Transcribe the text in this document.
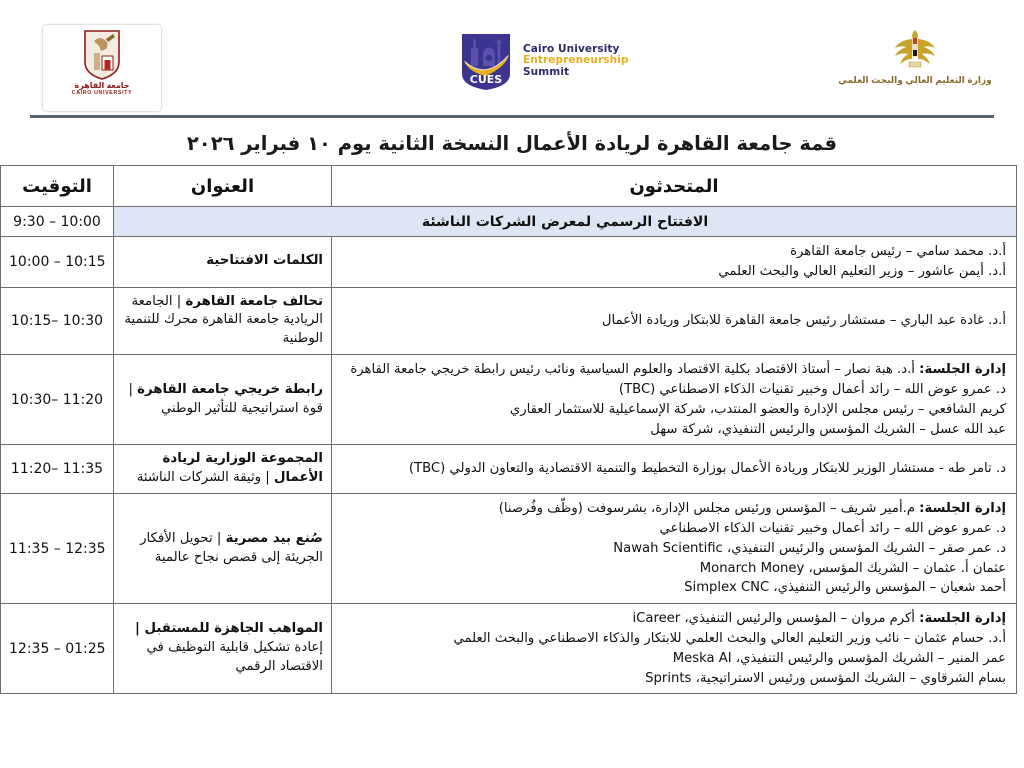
جامعة القاهرة
CAIRO UNIVERSITY
CUES
Cairo University
Entrepreneurship
Summit
وزارة التعليم العالي والبحث العلمي
قمة جامعة القاهرة لريادة الأعمال النسخة الثانية يوم ١٠ فبراير ٢٠٢٦
المتحدثون	العنوان	التوقيت
الافتتاح الرسمي لمعرض الشركات الناشئة		9:30 – 10:00

أ.د. محمد سامي – رئيس جامعة القاهرة
أ.د. أيمن عاشور – وزير التعليم العالي والبحث العلمي	الكلمات الافتتاحية	10:00 – 10:15

أ.د. غادة عبد الباري – مستشار رئيس جامعة القاهرة للابتكار وريادة الأعمال	تحالف جامعة القاهرة | الجامعة الريادية جامعة القاهرة محرك للتنمية الوطنية	10:15– 10:30

إدارة الجلسة: أ.د. هبة نصار – أستاذ الاقتصاد بكلية الاقتصاد والعلوم السياسية ونائب رئيس رابطة خريجي جامعة القاهرة
د. عمرو عوض الله – رائد أعمال وخبير تقنيات الذكاء الاصطناعي (TBC)
كريم الشافعي – رئيس مجلس الإدارة والعضو المنتدب، شركة الإسماعيلية للاستثمار العقاري
عبد الله عسل – الشريك المؤسس والرئيس التنفيذي، شركة سهل	رابطة خريجي جامعة القاهرة | قوة استراتيجية للتأثير الوطني	10:30– 11:20

د. تامر طه - مستشار الوزير للابتكار وريادة الأعمال بوزارة التخطيط والتنمية الاقتصادية والتعاون الدولي (TBC)	المجموعة الوزارية لريادة الأعمال | وثيقة الشركات الناشئة	11:20– 11:35

إدارة الجلسة: م.أمير شريف – المؤسس ورئيس مجلس الإدارة، بشرسوفت (وظّف وفُرصنا)
د. عمرو عوض الله – رائد أعمال وخبير تقنيات الذكاء الاصطناعي
د. عمر صقر – الشريك المؤسس والرئيس التنفيذي، Nawah Scientific
عثمان أ. عثمان – الشريك المؤسس، Monarch Money
أحمد شعبان – المؤسس والرئيس التنفيذي، Simplex CNC	صُنع بيد مصرية | تحويل الأفكار الجريئة إلى قصص نجاح عالمية	11:35 – 12:35

إدارة الجلسة: أكرم مروان – المؤسس والرئيس التنفيذي، iCareer
أ.د. حسام عثمان – نائب وزير التعليم العالي والبحث العلمي للابتكار والذكاء الاصطناعي والبحث العلمي
عمر المنير – الشريك المؤسس والرئيس التنفيذي، Meska AI
بسام الشرقاوي – الشريك المؤسس ورئيس الاستراتيجية، Sprints	المواهب الجاهزة للمستقبل | إعادة تشكيل قابلية التوظيف في الاقتصاد الرقمي	12:35 – 01:25
